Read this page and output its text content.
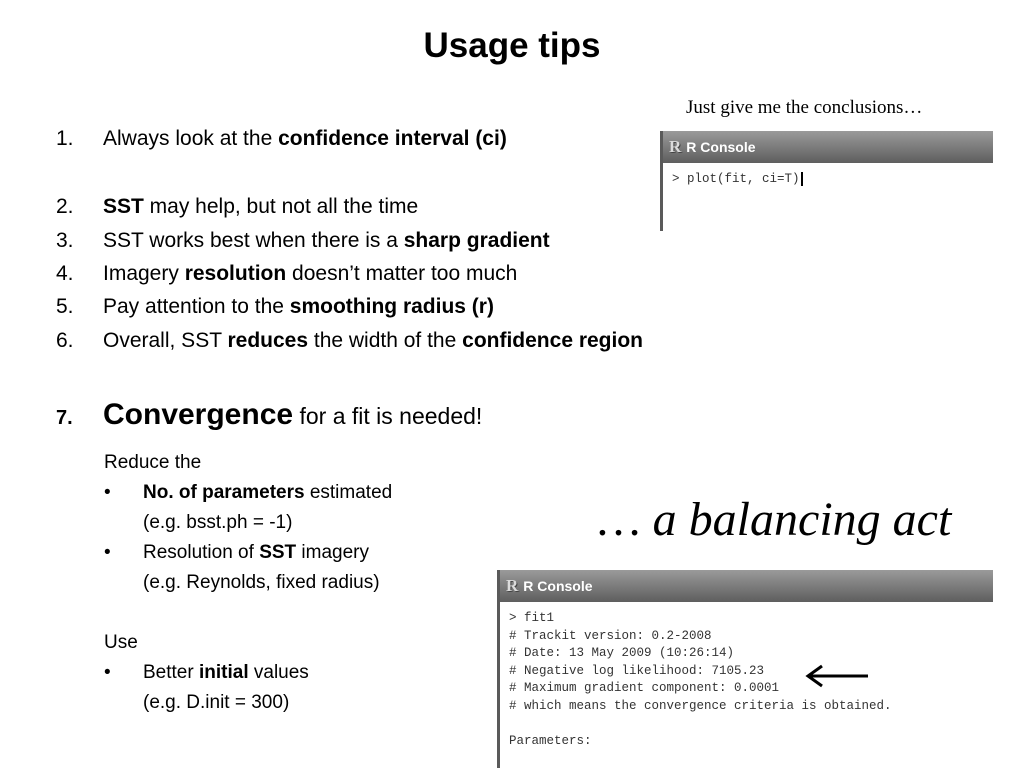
Usage tips
Just give me the conclusions…
1. Always look at the confidence interval (ci)
2. SST may help, but not all the time
3. SST works best when there is a sharp gradient
4. Imagery resolution doesn’t matter too much
5. Pay attention to the smoothing radius (r)
6. Overall, SST reduces the width of the confidence region
7. Convergence for a fit is needed!
Reduce the
• No. of parameters estimated
(e.g. bsst.ph = -1)
• Resolution of SST imagery
(e.g. Reynolds, fixed radius)
Use
• Better initial values
(e.g. D.init = 300)
… a balancing act
R R Console
> plot(fit, ci=T)
R R Console
> fit1
# Trackit version: 0.2-2008
# Date: 13 May 2009 (10:26:14)
# Negative log likelihood: 7105.23
# Maximum gradient component: 0.0001
# which means the convergence criteria is obtained.

Parameters:
